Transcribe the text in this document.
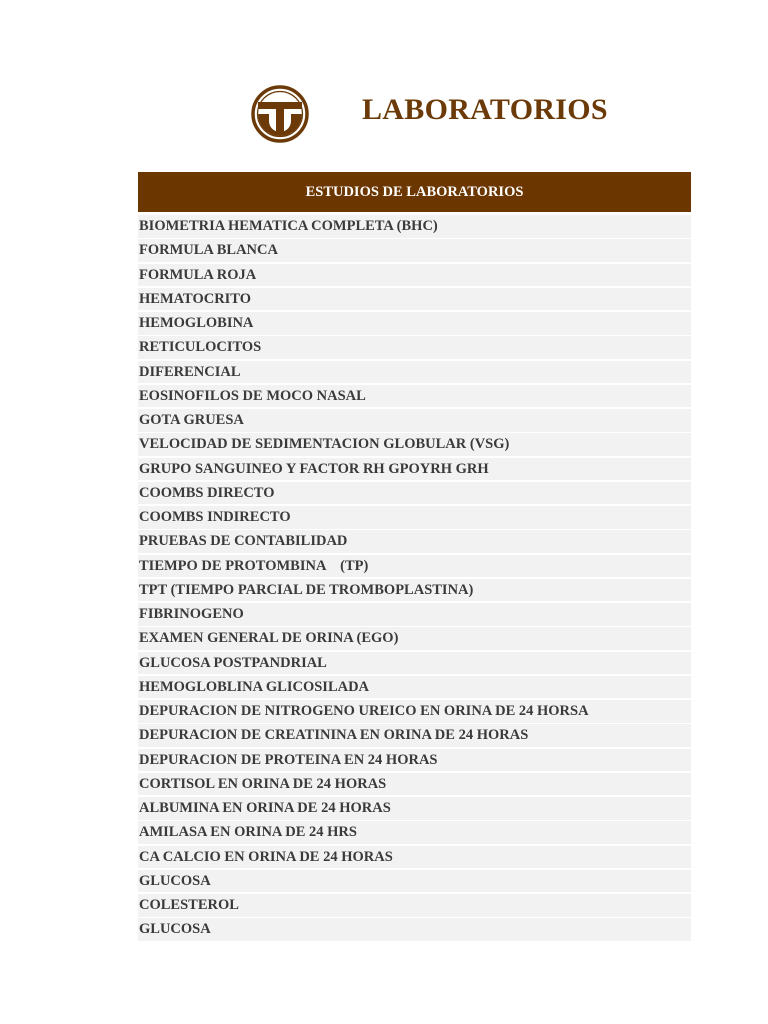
LABORATORIOS
ESTUDIOS DE LABORATORIOS
BIOMETRIA HEMATICA COMPLETA (BHC)
FORMULA BLANCA
FORMULA ROJA
HEMATOCRITO
HEMOGLOBINA
RETICULOCITOS
DIFERENCIAL
EOSINOFILOS DE MOCO NASAL
GOTA GRUESA
VELOCIDAD DE SEDIMENTACION GLOBULAR (VSG)
GRUPO SANGUINEO Y FACTOR RH GPOYRH GRH
COOMBS DIRECTO
COOMBS INDIRECTO
PRUEBAS DE CONTABILIDAD
TIEMPO DE PROTOMBINA    (TP)
TPT (TIEMPO PARCIAL DE TROMBOPLASTINA)
FIBRINOGENO
EXAMEN GENERAL DE ORINA (EGO)
GLUCOSA POSTPANDRIAL
HEMOGLOBLINA GLICOSILADA
DEPURACION DE NITROGENO UREICO EN ORINA DE 24 HORSA
DEPURACION DE CREATININA EN ORINA DE 24 HORAS
DEPURACION DE PROTEINA EN 24 HORAS
CORTISOL EN ORINA DE 24 HORAS
ALBUMINA EN ORINA DE 24 HORAS
AMILASA EN ORINA DE 24 HRS
CA CALCIO EN ORINA DE 24 HORAS
GLUCOSA
COLESTEROL
GLUCOSA
